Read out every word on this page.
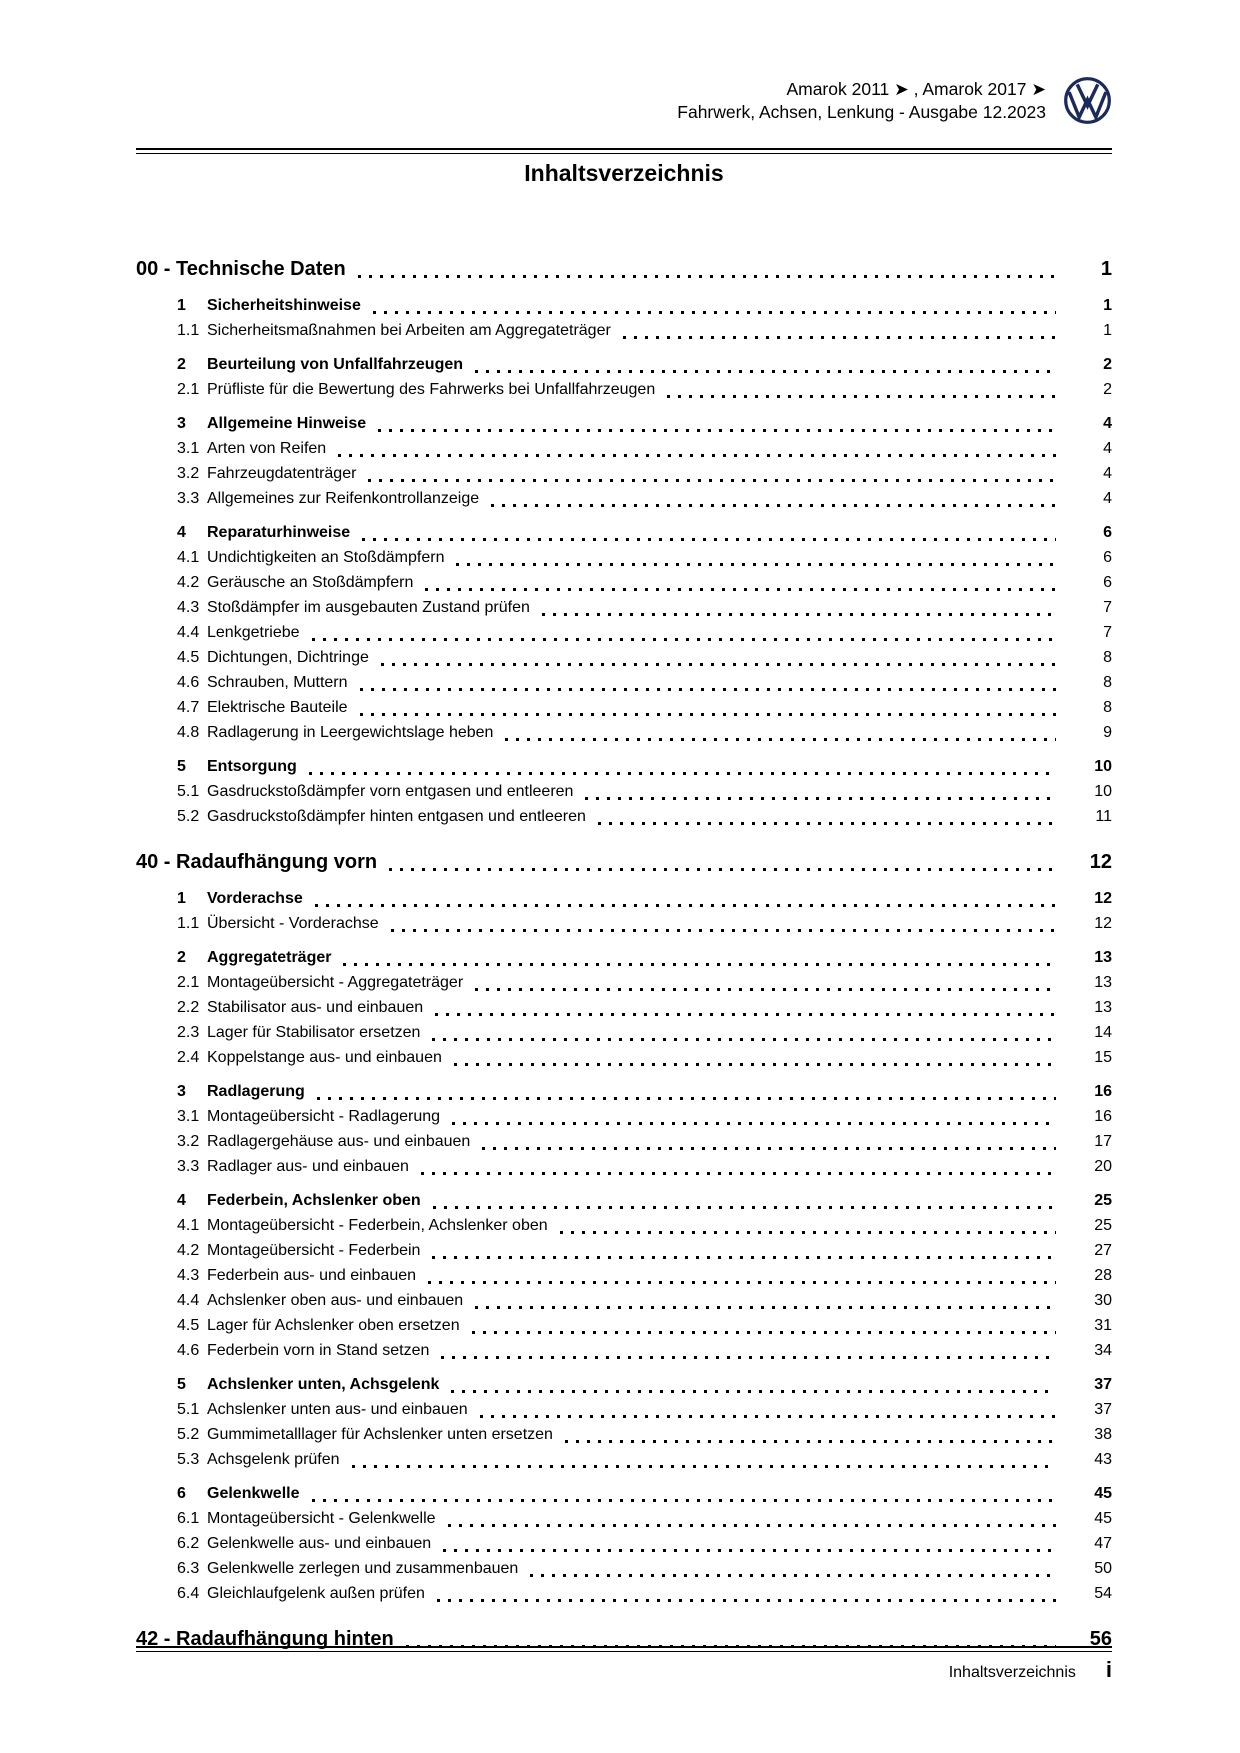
Amarok 2011 ➤ , Amarok 2017 ➤
Fahrwerk, Achsen, Lenkung - Ausgabe 12.2023
Inhaltsverzeichnis
00 - Technische Daten	1
1	Sicherheitshinweise	1
1.1 Sicherheitsmaßnahmen bei Arbeiten am Aggregateträger	1
2	Beurteilung von Unfallfahrzeugen	2
2.1 Prüfliste für die Bewertung des Fahrwerks bei Unfallfahrzeugen	2
3	Allgemeine Hinweise	4
3.1 Arten von Reifen	4
3.2 Fahrzeugdatenträger	4
3.3 Allgemeines zur Reifenkontrollanzeige	4
4	Reparaturhinweise	6
4.1 Undichtigkeiten an Stoßdämpfern	6
4.2 Geräusche an Stoßdämpfern	6
4.3 Stoßdämpfer im ausgebauten Zustand prüfen	7
4.4 Lenkgetriebe	7
4.5 Dichtungen, Dichtringe	8
4.6 Schrauben, Muttern	8
4.7 Elektrische Bauteile	8
4.8 Radlagerung in Leergewichtslage heben	9
5	Entsorgung	10
5.1 Gasdruckstoßdämpfer vorn entgasen und entleeren	10
5.2 Gasdruckstoßdämpfer hinten entgasen und entleeren	11
40 - Radaufhängung vorn	12
1	Vorderachse	12
1.1 Übersicht - Vorderachse	12
2	Aggregateträger	13
2.1 Montageübersicht - Aggregateträger	13
2.2 Stabilisator aus- und einbauen	13
2.3 Lager für Stabilisator ersetzen	14
2.4 Koppelstange aus- und einbauen	15
3	Radlagerung	16
3.1 Montageübersicht - Radlagerung	16
3.2 Radlagergehäuse aus- und einbauen	17
3.3 Radlager aus- und einbauen	20
4	Federbein, Achslenker oben	25
4.1 Montageübersicht - Federbein, Achslenker oben	25
4.2 Montageübersicht - Federbein	27
4.3 Federbein aus- und einbauen	28
4.4 Achslenker oben aus- und einbauen	30
4.5 Lager für Achslenker oben ersetzen	31
4.6 Federbein vorn in Stand setzen	34
5	Achslenker unten, Achsgelenk	37
5.1 Achslenker unten aus- und einbauen	37
5.2 Gummimetalllager für Achslenker unten ersetzen	38
5.3 Achsgelenk prüfen	43
6	Gelenkwelle	45
6.1 Montageübersicht - Gelenkwelle	45
6.2 Gelenkwelle aus- und einbauen	47
6.3 Gelenkwelle zerlegen und zusammenbauen	50
6.4 Gleichlaufgelenk außen prüfen	54
42 - Radaufhängung hinten	56
Inhaltsverzeichnis i
